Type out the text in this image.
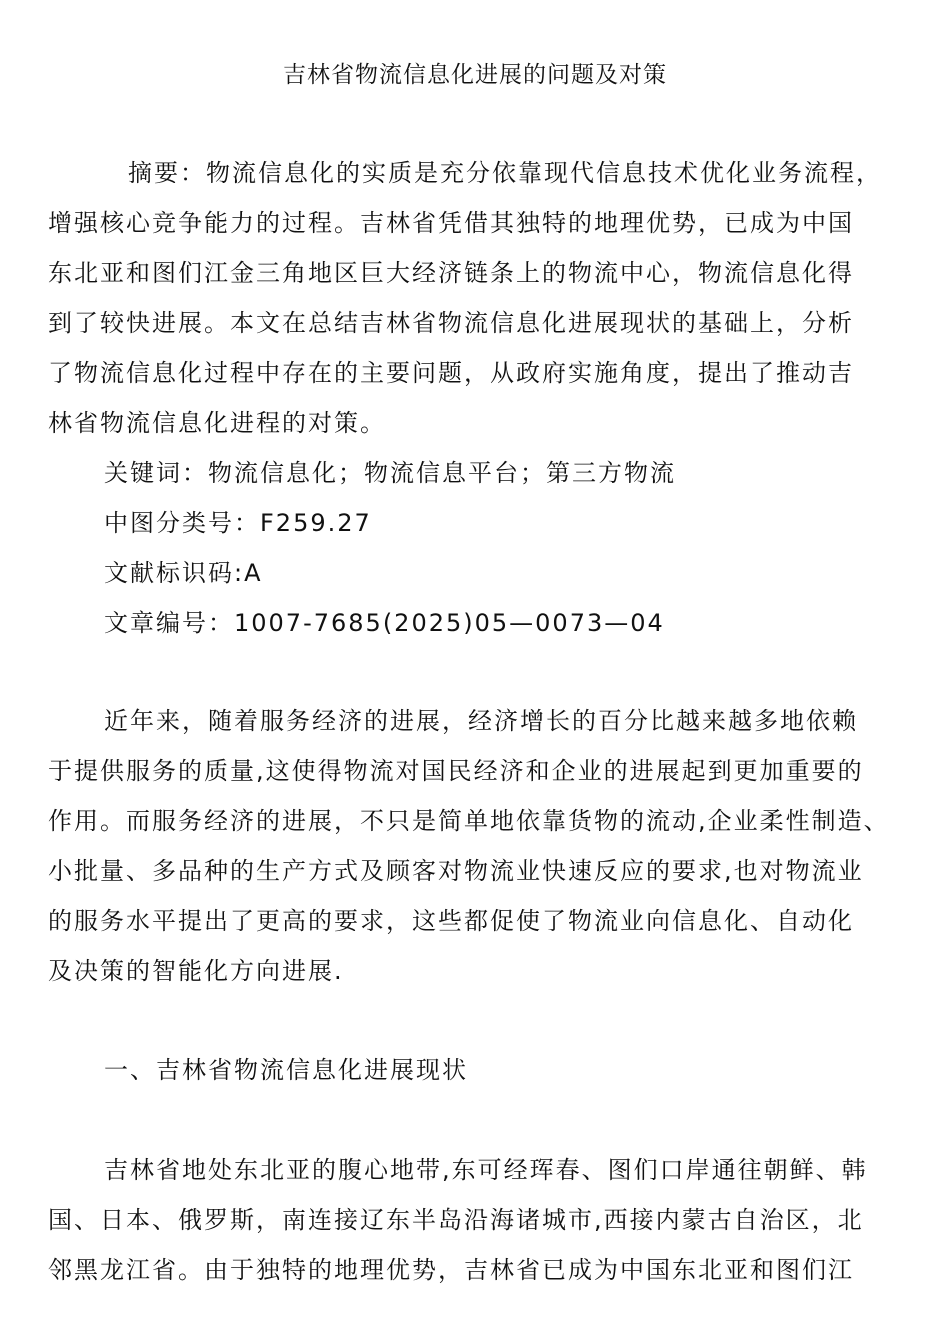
吉林省物流信息化进展的问题及对策
摘要：物流信息化的实质是充分依靠现代信息技术优化业务流程，
增强核心竞争能力的过程。吉林省凭借其独特的地理优势，已成为中国
东北亚和图们江金三角地区巨大经济链条上的物流中心，物流信息化得
到了较快进展。本文在总结吉林省物流信息化进展现状的基础上，分析
了物流信息化过程中存在的主要问题，从政府实施角度，提出了推动吉
林省物流信息化进程的对策。
关键词：物流信息化；物流信息平台；第三方物流
中图分类号：F259.27
文献标识码:A
文章编号：1007-7685(2025)05—0073—04
近年来，随着服务经济的进展，经济增长的百分比越来越多地依赖
于提供服务的质量,这使得物流对国民经济和企业的进展起到更加重要的
作用。而服务经济的进展，不只是简单地依靠货物的流动,企业柔性制造、
小批量、多品种的生产方式及顾客对物流业快速反应的要求,也对物流业
的服务水平提出了更高的要求，这些都促使了物流业向信息化、自动化
及决策的智能化方向进展.
一、吉林省物流信息化进展现状
吉林省地处东北亚的腹心地带,东可经珲春、图们口岸通往朝鲜、韩
国、日本、俄罗斯，南连接辽东半岛沿海诸城市,西接内蒙古自治区，北
邻黑龙江省。由于独特的地理优势，吉林省已成为中国东北亚和图们江
